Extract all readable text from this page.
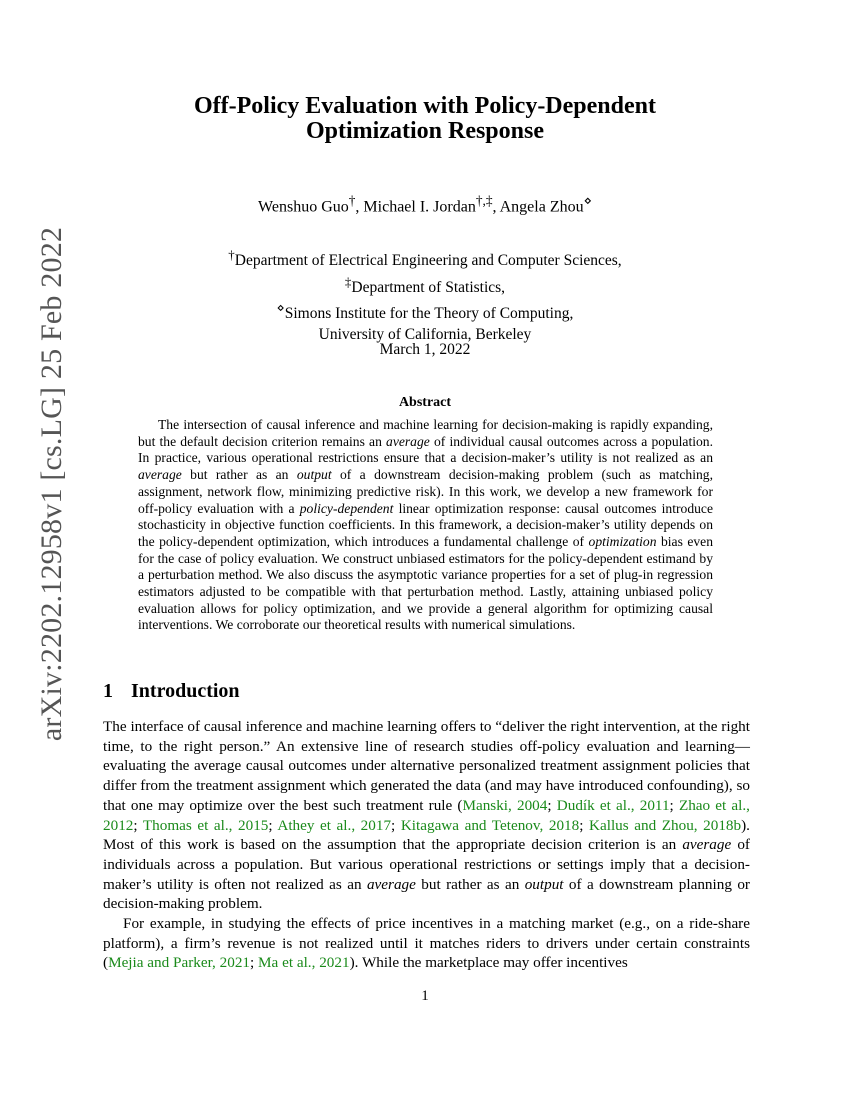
arXiv:2202.12958v1 [cs.LG] 25 Feb 2022
Off-Policy Evaluation with Policy-Dependent
Optimization Response
Wenshuo Guo†, Michael I. Jordan†,‡, Angela Zhou⋄
†Department of Electrical Engineering and Computer Sciences,
‡Department of Statistics,
⋄Simons Institute for the Theory of Computing,
University of California, Berkeley
March 1, 2022
Abstract
The intersection of causal inference and machine learning for decision-making is rapidly expanding, but the default decision criterion remains an average of individual causal outcomes across a population. In practice, various operational restrictions ensure that a decision-maker’s utility is not realized as an average but rather as an output of a downstream decision-making problem (such as matching, assignment, network flow, minimizing predictive risk). In this work, we develop a new framework for off-policy evaluation with a policy-dependent linear optimization response: causal outcomes introduce stochasticity in objective function coefficients. In this framework, a decision-maker’s utility depends on the policy-dependent optimization, which introduces a fundamental challenge of optimization bias even for the case of policy evaluation. We construct unbiased estimators for the policy-dependent estimand by a perturbation method. We also discuss the asymptotic variance properties for a set of plug-in regression estimators adjusted to be compatible with that perturbation method. Lastly, attaining unbiased policy evaluation allows for policy optimization, and we provide a general algorithm for optimizing causal interventions. We corroborate our theoretical results with numerical simulations.
1 Introduction

The interface of causal inference and machine learning offers to “deliver the right intervention, at the right time, to the right person.” An extensive line of research studies off-policy evaluation and learning—evaluating the average causal outcomes under alternative personalized treatment assignment policies that differ from the treatment assignment which generated the data (and may have introduced confounding), so that one may optimize over the best such treatment rule (Manski, 2004; Dudík et al., 2011; Zhao et al., 2012; Thomas et al., 2015; Athey et al., 2017; Kitagawa and Tetenov, 2018; Kallus and Zhou, 2018b). Most of this work is based on the assumption that the appropriate decision criterion is an average of individuals across a population. But various operational restrictions or settings imply that a decision-maker’s utility is often not realized as an average but rather as an output of a downstream planning or decision-making problem.

For example, in studying the effects of price incentives in a matching market (e.g., on a ride-share platform), a firm’s revenue is not realized until it matches riders to drivers under certain constraints (Mejia and Parker, 2021; Ma et al., 2021). While the marketplace may offer incentives

1
